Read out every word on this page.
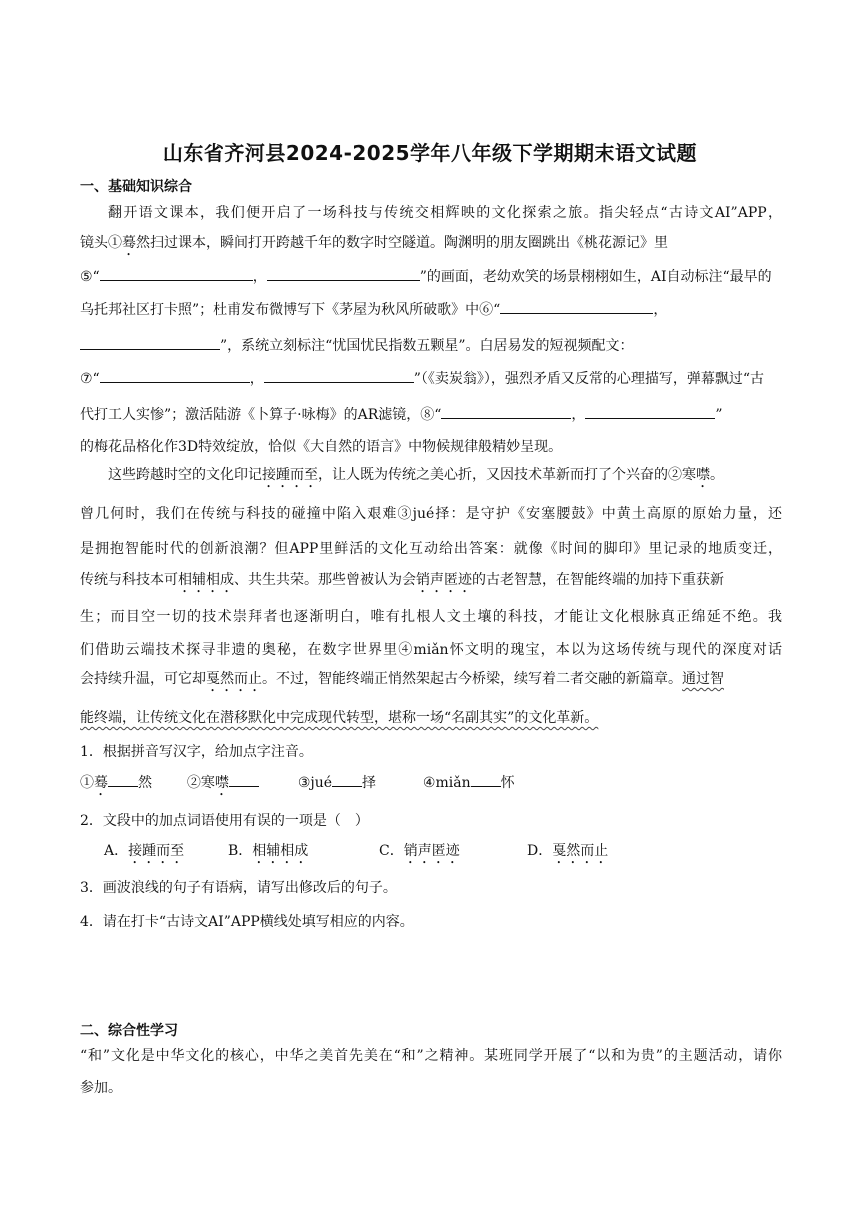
山东省齐河县2024-2025学年八年级下学期期末语文试题
一、基础知识综合
翻开语文课本，我们便开启了一场科技与传统交相辉映的文化探索之旅。指尖轻点“古诗文AI”APP，
镜头①蓦然扫过课本，瞬间打开跨越千年的数字时空隧道。陶渊明的朋友圈跳出《桃花源记》里
⑤“	，	”的画面，老幼欢笑的场景栩栩如生，AI自动标注“最早的
乌托邦社区打卡照”；杜甫发布微博写下《茅屋为秋风所破歌》中⑥“	，
”，系统立刻标注“忧国忧民指数五颗星”。白居易发的短视频配文：
⑦“	，	”（《卖炭翁》），强烈矛盾又反常的心理描写，弹幕飘过“古
代打工人实惨”；激活陆游《卜算子·咏梅》的AR滤镜，⑧“	，	”
的梅花品格化作3D特效绽放，恰似《大自然的语言》中物候规律般精妙呈现。
这些跨越时空的文化印记接踵而至，让人既为传统之美心折，又因技术革新而打了个兴奋的②寒噤。
曾几何时，我们在传统与科技的碰撞中陷入艰难③jué择：是守护《安塞腰鼓》中黄土高原的原始力量，还
是拥抱智能时代的创新浪潮？但APP里鲜活的文化互动给出答案：就像《时间的脚印》里记录的地质变迁，
传统与科技本可相辅相成、共生共荣。那些曾被认为会销声匿迹的古老智慧，在智能终端的加持下重获新
生；而目空一切的技术崇拜者也逐渐明白，唯有扎根人文土壤的科技，才能让文化根脉真正绵延不绝。我
们借助云端技术探寻非遗的奥秘，在数字世界里④miǎn怀文明的瑰宝，本以为这场传统与现代的深度对话
会持续升温，可它却戛然而止。不过，智能终端正悄然架起古今桥梁，续写着二者交融的新篇章。通过智
能终端，让传统文化在潜移默化中完成现代转型，堪称一场“名副其实”的文化革新。
1．根据拼音写汉字，给加点字注音。
①蓦 然 ②寒噤	③jué 择	④miǎn 怀
2．文段中的加点词语使用有误的一项是（　）
A．接踵而至	B．相辅相成	C．销声匿迹	D．戛然而止
3．画波浪线的句子有语病，请写出修改后的句子。
4．请在打卡“古诗文AI”APP横线处填写相应的内容。
二、综合性学习
“和”文化是中华文化的核心，中华之美首先美在“和”之精神。某班同学开展了“以和为贵”的主题活动，请你
参加。
